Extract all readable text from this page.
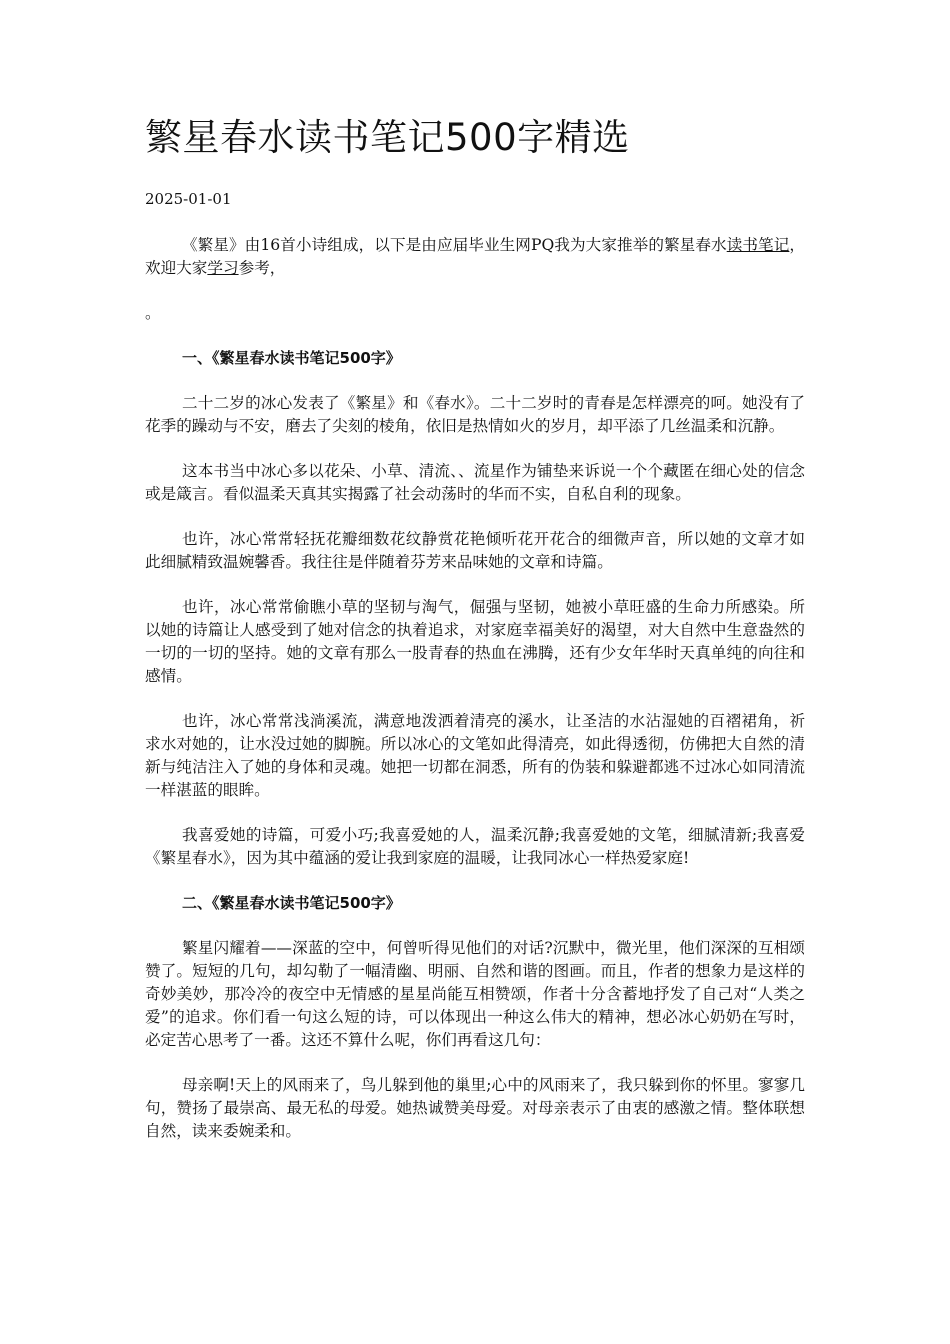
繁星春水读书笔记500字精选
2025-01-01

《繁星》由16首小诗组成，以下是由应届毕业生网PQ我为大家推举的繁星春水读书笔记，欢迎大家学习参考，

。

一、《繁星春水读书笔记500字》

二十二岁的冰心发表了《繁星》和《春水》。二十二岁时的青春是怎样漂亮的呵。她没有了花季的躁动与不安，磨去了尖刻的棱角，依旧是热情如火的岁月，却平添了几丝温柔和沉静。

这本书当中冰心多以花朵、小草、清流、、流星作为铺垫来诉说一个个藏匿在细心处的信念或是箴言。看似温柔天真其实揭露了社会动荡时的华而不实，自私自利的现象。

也许，冰心常常轻抚花瓣细数花纹静赏花艳倾听花开花合的细微声音，所以她的文章才如此细腻精致温婉馨香。我往往是伴随着芬芳来品味她的文章和诗篇。

也许，冰心常常偷瞧小草的坚韧与淘气，倔强与坚韧，她被小草旺盛的生命力所感染。所以她的诗篇让人感受到了她对信念的执着追求，对家庭幸福美好的渴望，对大自然中生意盎然的一切的一切的坚持。她的文章有那么一股青春的热血在沸腾，还有少女年华时天真单纯的向往和感情。

也许，冰心常常浅淌溪流，满意地泼洒着清亮的溪水，让圣洁的水沾湿她的百褶裙角，祈求水对她的，让水没过她的脚腕。所以冰心的文笔如此得清亮，如此得透彻，仿佛把大自然的清新与纯洁注入了她的身体和灵魂。她把一切都在洞悉，所有的伪装和躲避都逃不过冰心如同清流一样湛蓝的眼眸。

我喜爱她的诗篇，可爱小巧;我喜爱她的人，温柔沉静;我喜爱她的文笔，细腻清新;我喜爱《繁星春水》，因为其中蕴涵的爱让我到家庭的温暖，让我同冰心一样热爱家庭!

二、《繁星春水读书笔记500字》

繁星闪耀着——深蓝的空中，何曾听得见他们的对话?沉默中，微光里，他们深深的互相颂赞了。短短的几句，却勾勒了一幅清幽、明丽、自然和谐的图画。而且，作者的想象力是这样的奇妙美妙，那冷冷的夜空中无情感的星星尚能互相赞颂，作者十分含蓄地抒发了自己对“人类之爱”的追求。你们看一句这么短的诗，可以体现出一种这么伟大的精神，想必冰心奶奶在写时，必定苦心思考了一番。这还不算什么呢，你们再看这几句：

母亲啊!天上的风雨来了，鸟儿躲到他的巢里;心中的风雨来了，我只躲到你的怀里。寥寥几句，赞扬了最崇高、最无私的母爱。她热诚赞美母爱。对母亲表示了由衷的感激之情。整体联想自然，读来委婉柔和。
